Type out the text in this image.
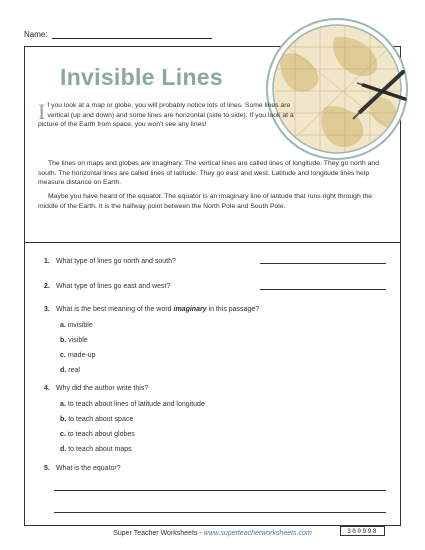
Name:
Invisible Lines
I f you look at a map or globe, you will probably notice lots of lines. Some lines are vertical (up and down) and some lines are horizontal (side to side). If you look at a picture of the Earth from space, you won't see any lines!

The lines on maps and globes are imaginary. The vertical lines are called lines of longitude. They go north and south. The horizontal lines are called lines of latitude. They go east and west. Latitude and longitude lines help measure distance on Earth.

Maybe you have heard of the equator. The equator is an imaginary line of latitude that runs right through the middle of the Earth. It is the halfway point between the North Pole and South Pole.

1. What type of lines go north and south?
2. What type of lines go east and west?
3. What is the best meaning of the word imaginary in this passage?
a. invisible
b. visible
c. made-up
d. real
4. Why did the author write this?
a. to teach about lines of latitude and longitude
b. to teach about space
c. to teach about globes
d. to teach about maps
5. What is the equator?
300998
Super Teacher Worksheets - www.superteacherworksheets.com
